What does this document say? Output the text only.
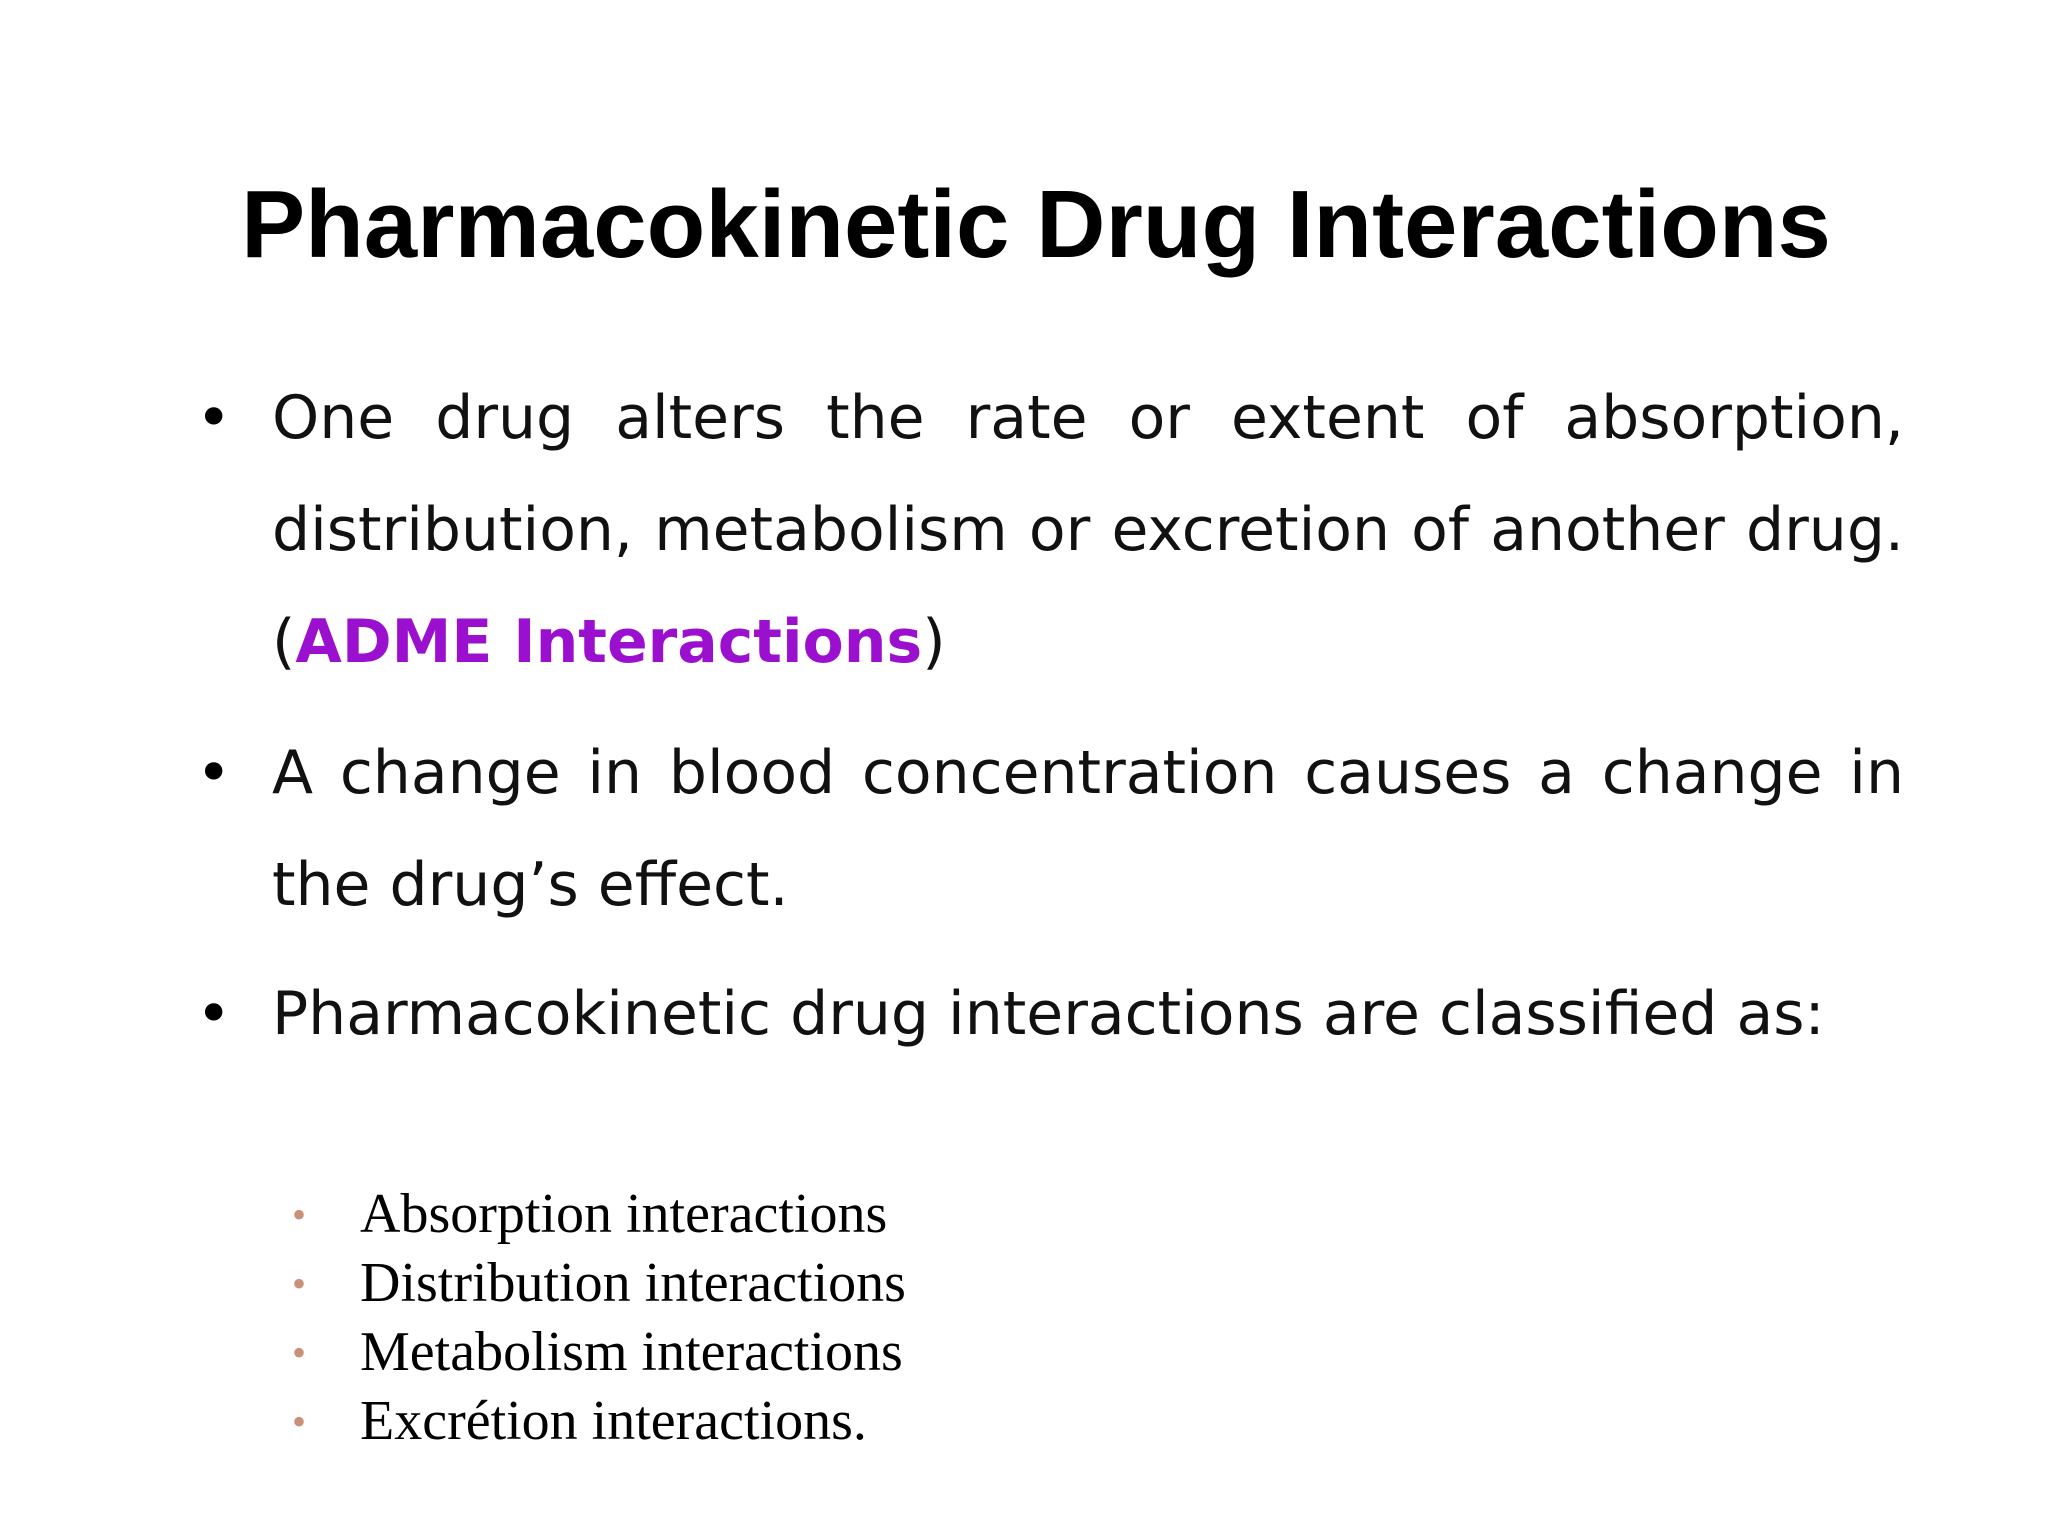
Pharmacokinetic Drug Interactions
• One drug alters the rate or extent of absorption, distribution, metabolism or excretion of another drug. (ADME Interactions)
• A change in blood concentration causes a change in the drug’s effect.
• Pharmacokinetic drug interactions are classified as:
• Absorption interactions
• Distribution interactions
• Metabolism interactions
• Excrétion interactions.
